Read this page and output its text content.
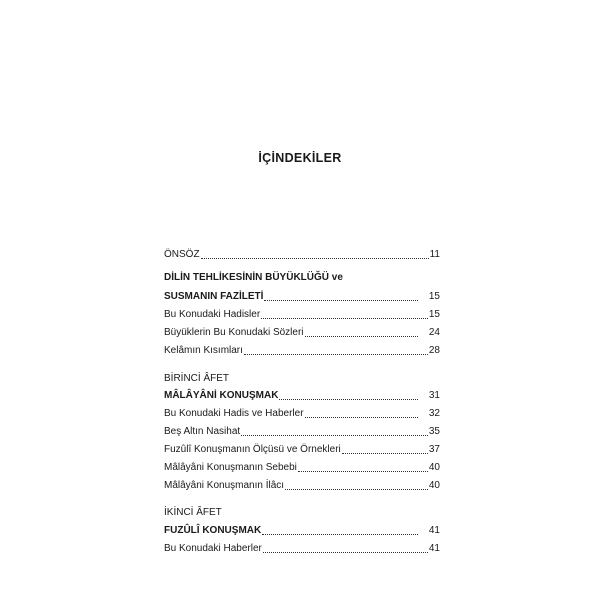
İÇİNDEKİLER
ÖNSÖZ	11
DİLİN TEHLİKESİNİN BÜYÜKLÜĞÜ ve
SUSMANIN FAZİLETİ	15
Bu Konudaki Hadisler	15
Büyüklerin Bu Konudaki Sözleri	24
Kelâmın Kısımları	28
BİRİNCİ ÂFET
MÂLÂYÂNİ KONUŞMAK	31
Bu Konudaki Hadis ve Haberler	32
Beş Altın Nasihat	35
Fuzûlî Konuşmanın Ölçüsü ve Örnekleri	37
Mâlâyâni Konuşmanın Sebebi	40
Mâlâyâni Konuşmanın İlâcı	40
İKİNCİ ÂFET
FUZÛLÎ KONUŞMAK	41
Bu Konudaki Haberler	41
